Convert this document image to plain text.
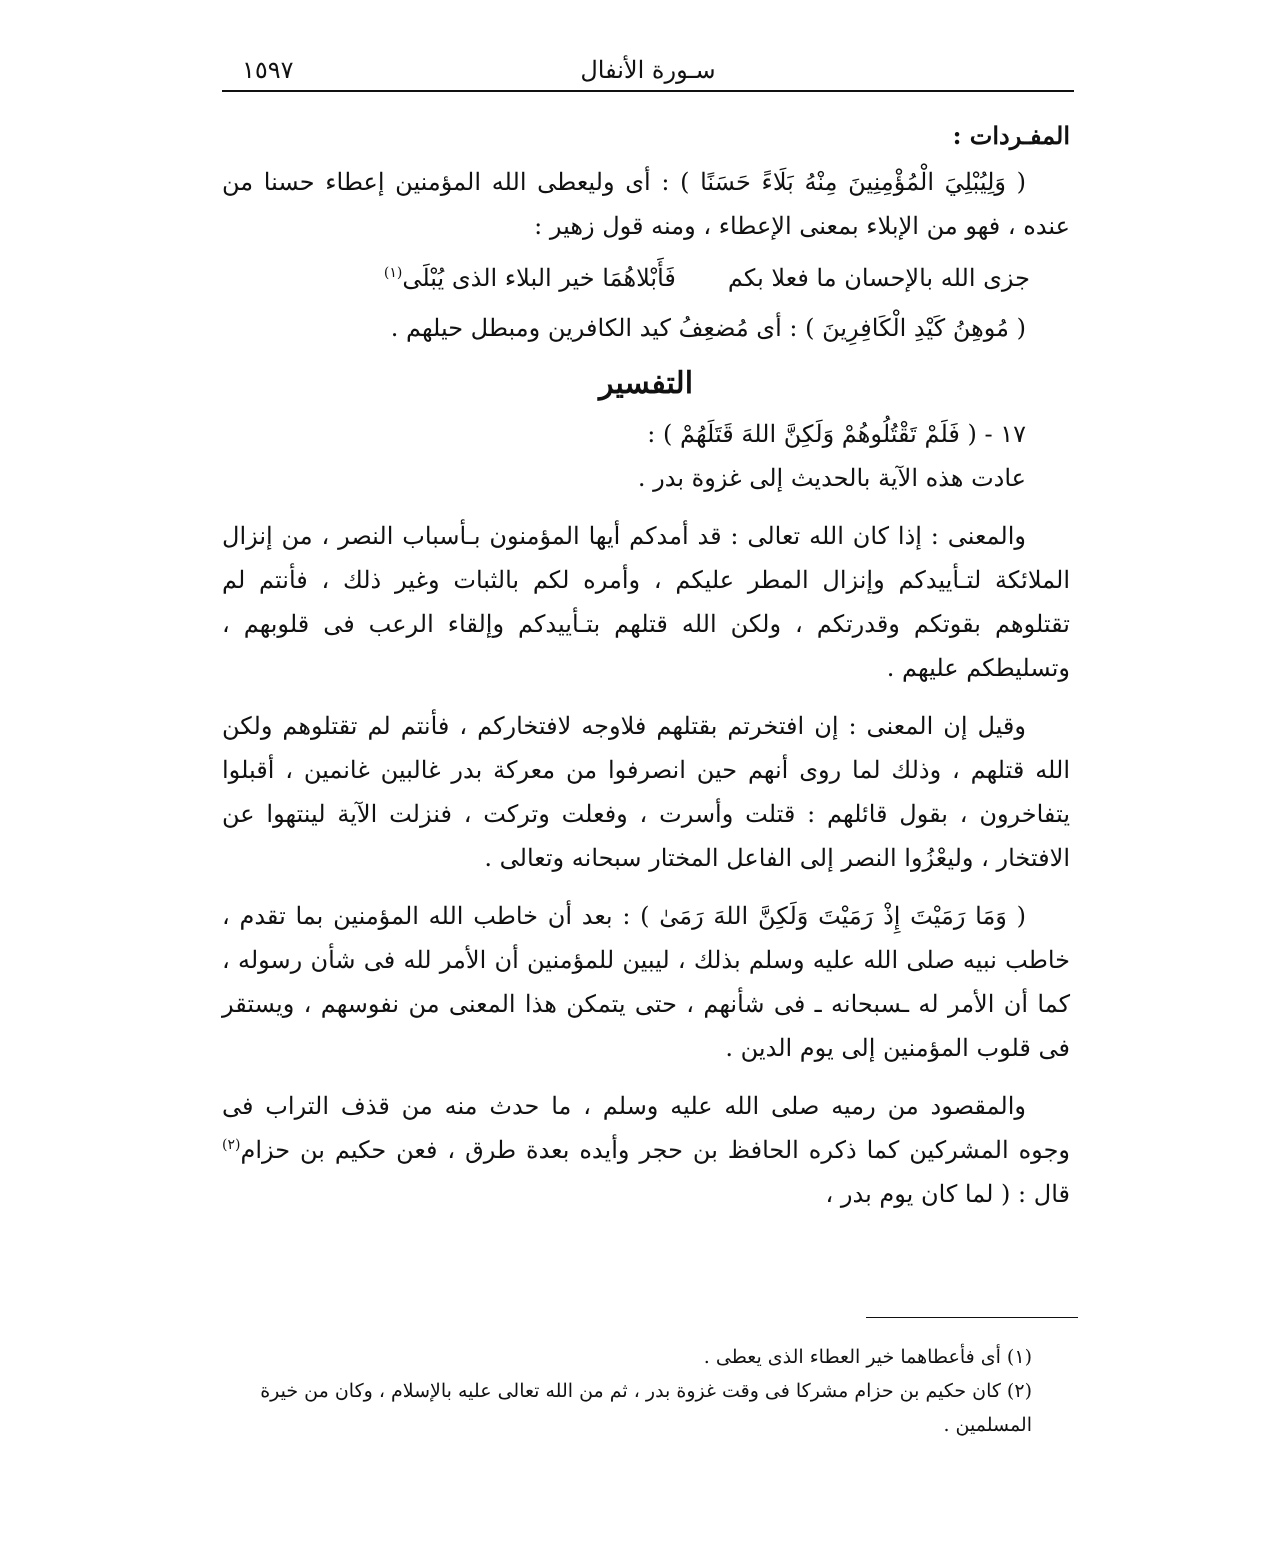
١٥٩٧	سـورة الأنفال
المفـردات :

( وَلِيُبْلِيَ الْمُؤْمِنِينَ مِنْهُ بَلَاءً حَسَنًا ) : أى وليعطى الله المؤمنين إعطاء حسنا من عنده ، فهو من الإبلاء بمعنى الإعطاء ، ومنه قول زهير :

جزى الله بالإحسان ما فعلا بكم
فَأَبْلاهُمَا خير البلاء الذى يُبْلَى$^{(١)}$

( مُوهِنُ كَيْدِ الْكَافِرِينَ ) : أى مُضعِفُ كيد الكافرين ومبطل حيلهم .

التفسير

١٧ - ( فَلَمْ تَقْتُلُوهُمْ وَلَكِنَّ اللهَ قَتَلَهُمْ ) :

عادت هذه الآية بالحديث إلى غزوة بدر .

والمعنى : إذا كان الله تعالى : قد أمدكم أيها المؤمنون بـأسباب النصر ، من إنزال الملائكة لتـأييدكم وإنزال المطر عليكم ، وأمره لكم بالثبات وغير ذلك ، فأنتم لم تقتلوهم بقوتكم وقدرتكم ، ولكن الله قتلهم بتـأييدكم وإلقاء الرعب فى قلوبهم ، وتسليطكم عليهم .

وقيل إن المعنى : إن افتخرتم بقتلهم فلاوجه لافتخاركم ، فأنتم لم تقتلوهم ولكن الله قتلهم ، وذلك لما روى أنهم حين انصرفوا من معركة بدر غالبين غانمين ، أقبلوا يتفاخرون ، بقول قائلهم : قتلت وأسرت ، وفعلت وتركت ، فنزلت الآية لينتهوا عن الافتخار ، وليعْزُوا النصر إلى الفاعل المختار سبحانه وتعالى .

( وَمَا رَمَيْتَ إِذْ رَمَيْتَ وَلَكِنَّ اللهَ رَمَىٰ ) : بعد أن خاطب الله المؤمنين بما تقدم ، خاطب نبيه صلى الله عليه وسلم بذلك ، ليبين للمؤمنين أن الأمر لله فى شأن رسوله ، كما أن الأمر له ـسبحانه ـ فى شأنهم ، حتى يتمكن هذا المعنى من نفوسهم ، ويستقر فى قلوب المؤمنين إلى يوم الدين .

والمقصود من رميه صلى الله عليه وسلم ، ما حدث منه من قذف التراب فى وجوه المشركين كما ذكره الحافظ بن حجر وأيده بعدة طرق ، فعن حكيم بن حزام$^{(٢)}$ قال : ( لما كان يوم بدر ،

(١) أى فأعطاهما خير العطاء الذى يعطى .

(٢) كان حكيم بن حزام مشركا فى وقت غزوة بدر ، ثم من الله تعالى عليه بالإسلام ، وكان من خيرة المسلمين .
